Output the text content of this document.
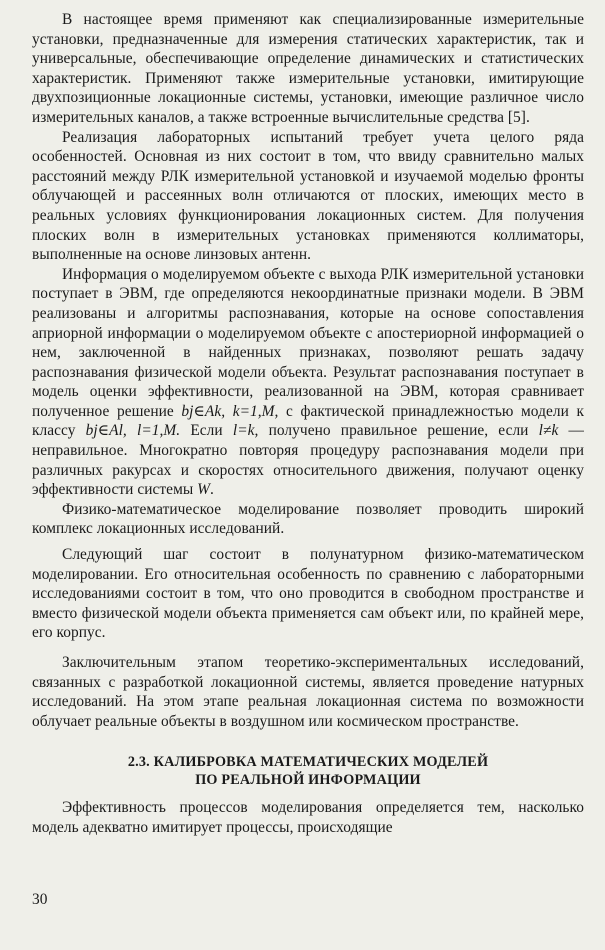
В настоящее время применяют как специализированные измерительные установки, предназначенные для измерения статических характеристик, так и универсальные, обеспечивающие определение динамических и статистических характеристик. Применяют также измерительные установки, имитирующие двухпозиционные локационные системы, установки, имеющие различное число измерительных каналов, а также встроенные вычислительные средства [5].

Реализация лабораторных испытаний требует учета целого ряда особенностей. Основная из них состоит в том, что ввиду сравнительно малых расстояний между РЛК измерительной установкой и изучаемой моделью фронты облучающей и рассеянных волн отличаются от плоских, имеющих место в реальных условиях функционирования локационных систем. Для получения плоских волн в измерительных установках применяются коллиматоры, выполненные на основе линзовых антенн.

Информация о моделируемом объекте с выхода РЛК измерительной установки поступает в ЭВМ, где определяются некоординатные признаки модели. В ЭВМ реализованы и алгоритмы распознавания, которые на основе сопоставления априорной информации о моделируемом объекте с апостериорной информацией о нем, заключенной в найденных признаках, позволяют решать задачу распознавания физической модели объекта. Результат распознавания поступает в модель оценки эффективности, реализованной на ЭВМ, которая сравнивает полученное решение bj∈Ak, k=1,M, с фактической принадлежностью модели к классу bj∈Al, l=1,M. Если l=k, получено правильное решение, если l≠k — неправильное. Многократно повторяя процедуру распознавания модели при различных ракурсах и скоростях относительного движения, получают оценку эффективности системы W.

Физико-математическое моделирование позволяет проводить широкий комплекс локационных исследований.

Следующий шаг состоит в полунатурном физико-математическом моделировании. Его относительная особенность по сравнению с лабораторными исследованиями состоит в том, что оно проводится в свободном пространстве и вместо физической модели объекта применяется сам объект или, по крайней мере, его корпус.

Заключительным этапом теоретико-экспериментальных исследований, связанных с разработкой локационной системы, является проведение натурных исследований. На этом этапе реальная локационная система по возможности облучает реальные объекты в воздушном или космическом пространстве.

2.3. КАЛИБРОВКА МАТЕМАТИЧЕСКИХ МОДЕЛЕЙ
ПО РЕАЛЬНОЙ ИНФОРМАЦИИ

Эффективность процессов моделирования определяется тем, насколько модель адекватно имитирует процессы, происходящие

30
